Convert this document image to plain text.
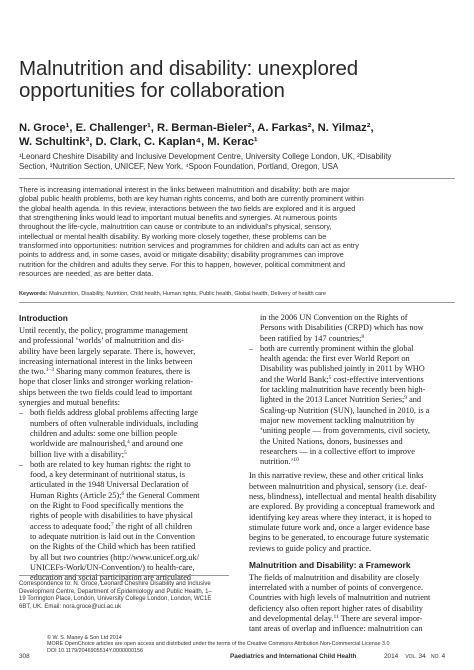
Malnutrition and disability: unexplored
opportunities for collaboration
N. Groce¹, E. Challenger¹, R. Berman-Bieler², A. Farkas², N. Yilmaz²,
W. Schultink³, D. Clark, C. Kaplan⁴, M. Kerac¹
¹Leonard Cheshire Disability and Inclusive Development Centre, University College London, UK, ²Disability
Section, ³Nutrition Section, UNICEF, New York, ⁴Spoon Foundation, Portland, Oregon, USA
There is increasing international interest in the links between malnutrition and disability: both are major
global public health problems, both are key human rights concerns, and both are currently prominent within
the global health agenda. In this review, interactions between the two fields are explored and it is argued
that strengthening links would lead to important mutual benefits and synergies. At numerous points
throughout the life-cycle, malnutrition can cause or contribute to an individual’s physical, sensory,
intellectual or mental health disability. By working more closely together, these problems can be
transformed into opportunities: nutrition services and programmes for children and adults can act as entry
points to address and, in some cases, avoid or mitigate disability; disability programmes can improve
nutrition for the children and adults they serve. For this to happen, however, political commitment and
resources are needed, as are better data.
Keywords: Malnutrition, Disability, Nutrition, Child health, Human rights, Public health, Global health, Delivery of health care
Introduction
Until recently, the policy, programme management
and professional ‘worlds’ of malnutrition and dis-
ability have been largely separate. There is, however,
increasing international interest in the links between
the two.$^{1-3}$ Sharing many common features, there is
hope that closer links and stronger working relation-
ships between the two fields could lead to important
synergies and mutual benefits:
– both fields address global problems affecting large
numbers of often vulnerable individuals, including
children and adults: some one billion people
worldwide are malnourished,$^4$ and around one
billion live with a disability;$^5$
– both are related to key human rights: the right to
food, a key determinant of nutritional status, is
articulated in the 1948 Universal Declaration of
Human Rights (Article 25);$^6$ the General Comment
on the Right to Food specifically mentions the
rights of people with disabilities to have physical
access to adequate food;$^7$ the right of all children
to adequate nutrition is laid out in the Convention
on the Rights of the Child which has been ratified
by all but two countries (http://www.unicef.org.uk/
UNICEFs-Work/UN-Convention/) to health-care,
education and social participation are articulated
Correspondence to: N. Groce, Leonard Cheshire Disability and Inclusive
Development Centre, Department of Epidemiology and Public Health, 1–
19 Torrington Place, London, University College London, London, WC1E
6BT, UK. Email: nora.groce@ucl.ac.uk
in the 2006 UN Convention on the Rights of
Persons with Disabilities (CRPD) which has now
been ratified by 147 countries;$^8$
– both are currently prominent within the global
health agenda: the first ever World Report on
Disability was published jointly in 2011 by WHO
and the World Bank;$^5$ cost-effective interventions
for tackling malnutrition have recently been high-
lighted in the 2013 Lancet Nutrition Series;$^9$ and
Scaling-up Nutrition (SUN), launched in 2010, is a
major new movement tackling malnutrition by
‘uniting people — from governments, civil society,
the United Nations, donors, businesses and
researchers — in a collective effort to improve
nutrition.’$^{10}$
In this narrative review, these and other critical links
between malnutrition and physical, sensory (i.e. deaf-
ness, blindness), intellectual and mental health disability
are explored. By providing a conceptual framework and
identifying key areas where they interact, it is hoped to
stimulate future work and, once a larger evidence base
begins to be generated, to encourage future systematic
reviews to guide policy and practice.
Malnutrition and Disability: a Framework
The fields of malnutrition and disability are closely
interrelated with a number of points of convergence.
Countries with high levels of malnutrition and nutrient
deficiency also often report higher rates of disability
and developmental delay.$^{11}$ There are several impor-
tant areas of overlap and influence: malnutrition can
© W. S. Maney & Son Ltd 2014
MORE OpenChoice articles are open access and distributed under the terms of the Creative Commons Attribution Non-Commercial License 3.0
DOI 10.1179/2046905514Y.0000000156
308	Paediatrics and International Child Health	2014 VOL. 34 NO. 4
